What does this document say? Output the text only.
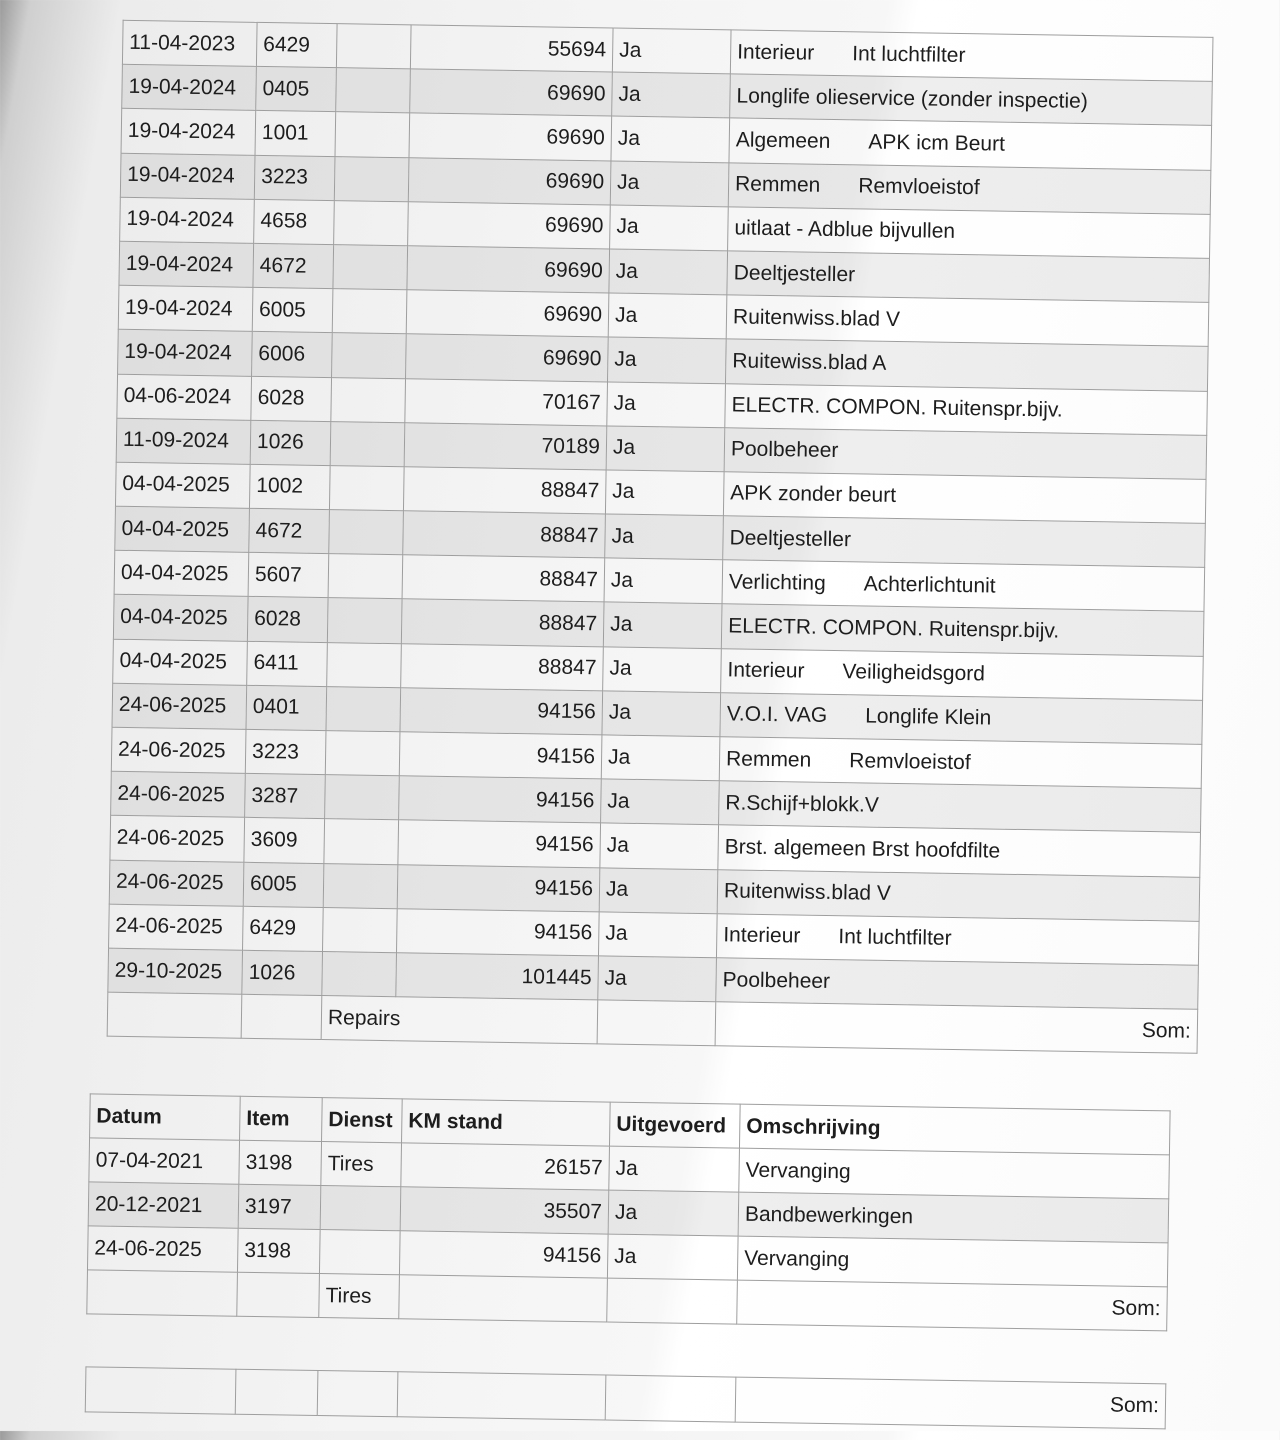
11-04-2023	6429		55694	Ja	Interieur Int luchtfilter
19-04-2024	0405		69690	Ja	Longlife olieservice (zonder inspectie)
19-04-2024	1001		69690	Ja	Algemeen APK icm Beurt
19-04-2024	3223		69690	Ja	Remmen Remvloeistof
19-04-2024	4658		69690	Ja	uitlaat - Adblue bijvullen
19-04-2024	4672		69690	Ja	Deeltjesteller
19-04-2024	6005		69690	Ja	Ruitenwiss.blad V
19-04-2024	6006		69690	Ja	Ruitewiss.blad A
04-06-2024	6028		70167	Ja	ELECTR. COMPON. Ruitenspr.bijv.
11-09-2024	1026		70189	Ja	Poolbeheer
04-04-2025	1002		88847	Ja	APK zonder beurt
04-04-2025	4672		88847	Ja	Deeltjesteller
04-04-2025	5607		88847	Ja	Verlichting Achterlichtunit
04-04-2025	6028		88847	Ja	ELECTR. COMPON. Ruitenspr.bijv.
04-04-2025	6411		88847	Ja	Interieur Veiligheidsgord
24-06-2025	0401		94156	Ja	V.O.I. VAG Longlife Klein
24-06-2025	3223		94156	Ja	Remmen Remvloeistof
24-06-2025	3287		94156	Ja	R.Schijf+blokk.V
24-06-2025	3609		94156	Ja	Brst. algemeen Brst hoofdfilte
24-06-2025	6005		94156	Ja	Ruitenwiss.blad V
24-06-2025	6429		94156	Ja	Interieur Int luchtfilter
29-10-2025	1026		101445	Ja	Poolbeheer
		Repairs			Som:
Datum	Item	Dienst	KM stand	Uitgevoerd	Omschrijving
07-04-2021	3198	Tires	26157	Ja	Vervanging
20-12-2021	3197		35507	Ja	Bandbewerkingen
24-06-2025	3198		94156	Ja	Vervanging
		Tires			Som:
					Som:
